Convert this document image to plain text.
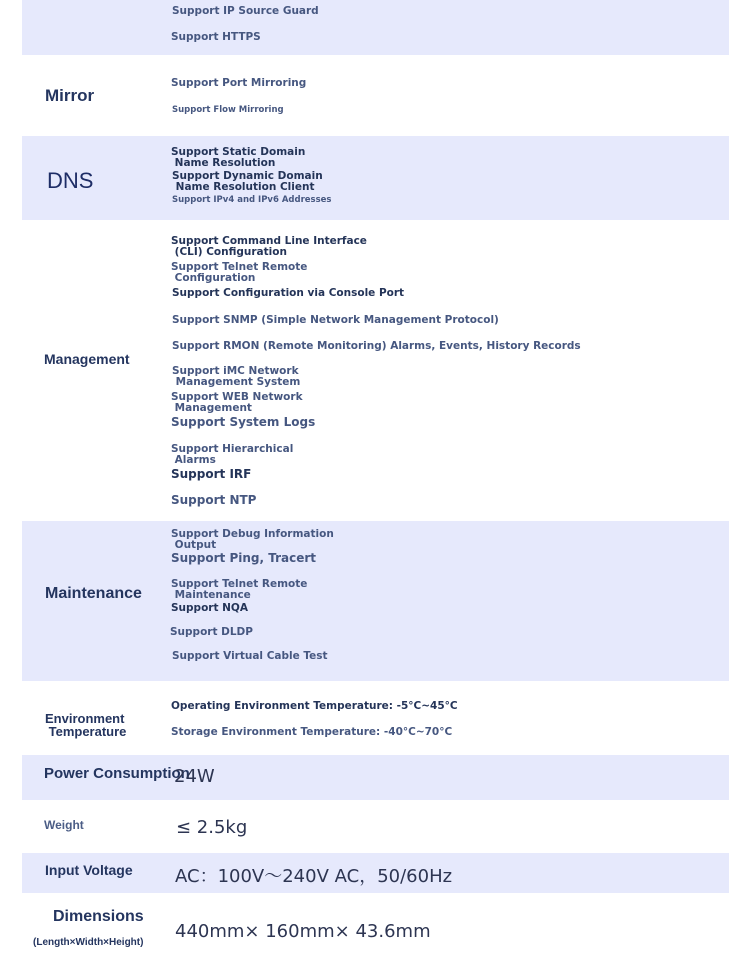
Support IP Source Guard
Support HTTPS
Mirror
Support Port Mirroring
Support Flow Mirroring
DNS
Support Static Domain
Name Resolution
Support Dynamic Domain
Name Resolution Client
Support IPv4 and IPv6 Addresses
Management
Support Command Line Interface
(CLI) Configuration
Support Telnet Remote
Configuration
Support Configuration via Console Port
Support SNMP (Simple Network Management Protocol)
Support RMON (Remote Monitoring) Alarms, Events, History Records
Support iMC Network
Management System
Support WEB Network
Management
Support System Logs
Support Hierarchical
Alarms
Support IRF
Support NTP
Maintenance
Support Debug Information
Output
Support Ping, Tracert
Support Telnet Remote
Maintenance
Support NQA
Support DLDP
Support Virtual Cable Test
Environment
Temperature
Operating Environment Temperature: -5°C~45°C
Storage Environment Temperature: -40°C~70°C
Power Consumption
24W
Weight	≤ 2.5kg
Input Voltage AC：100V～240V AC，50/60Hz
Dimensions
(Length×Width×Height)
440mm× 160mm× 43.6mm
